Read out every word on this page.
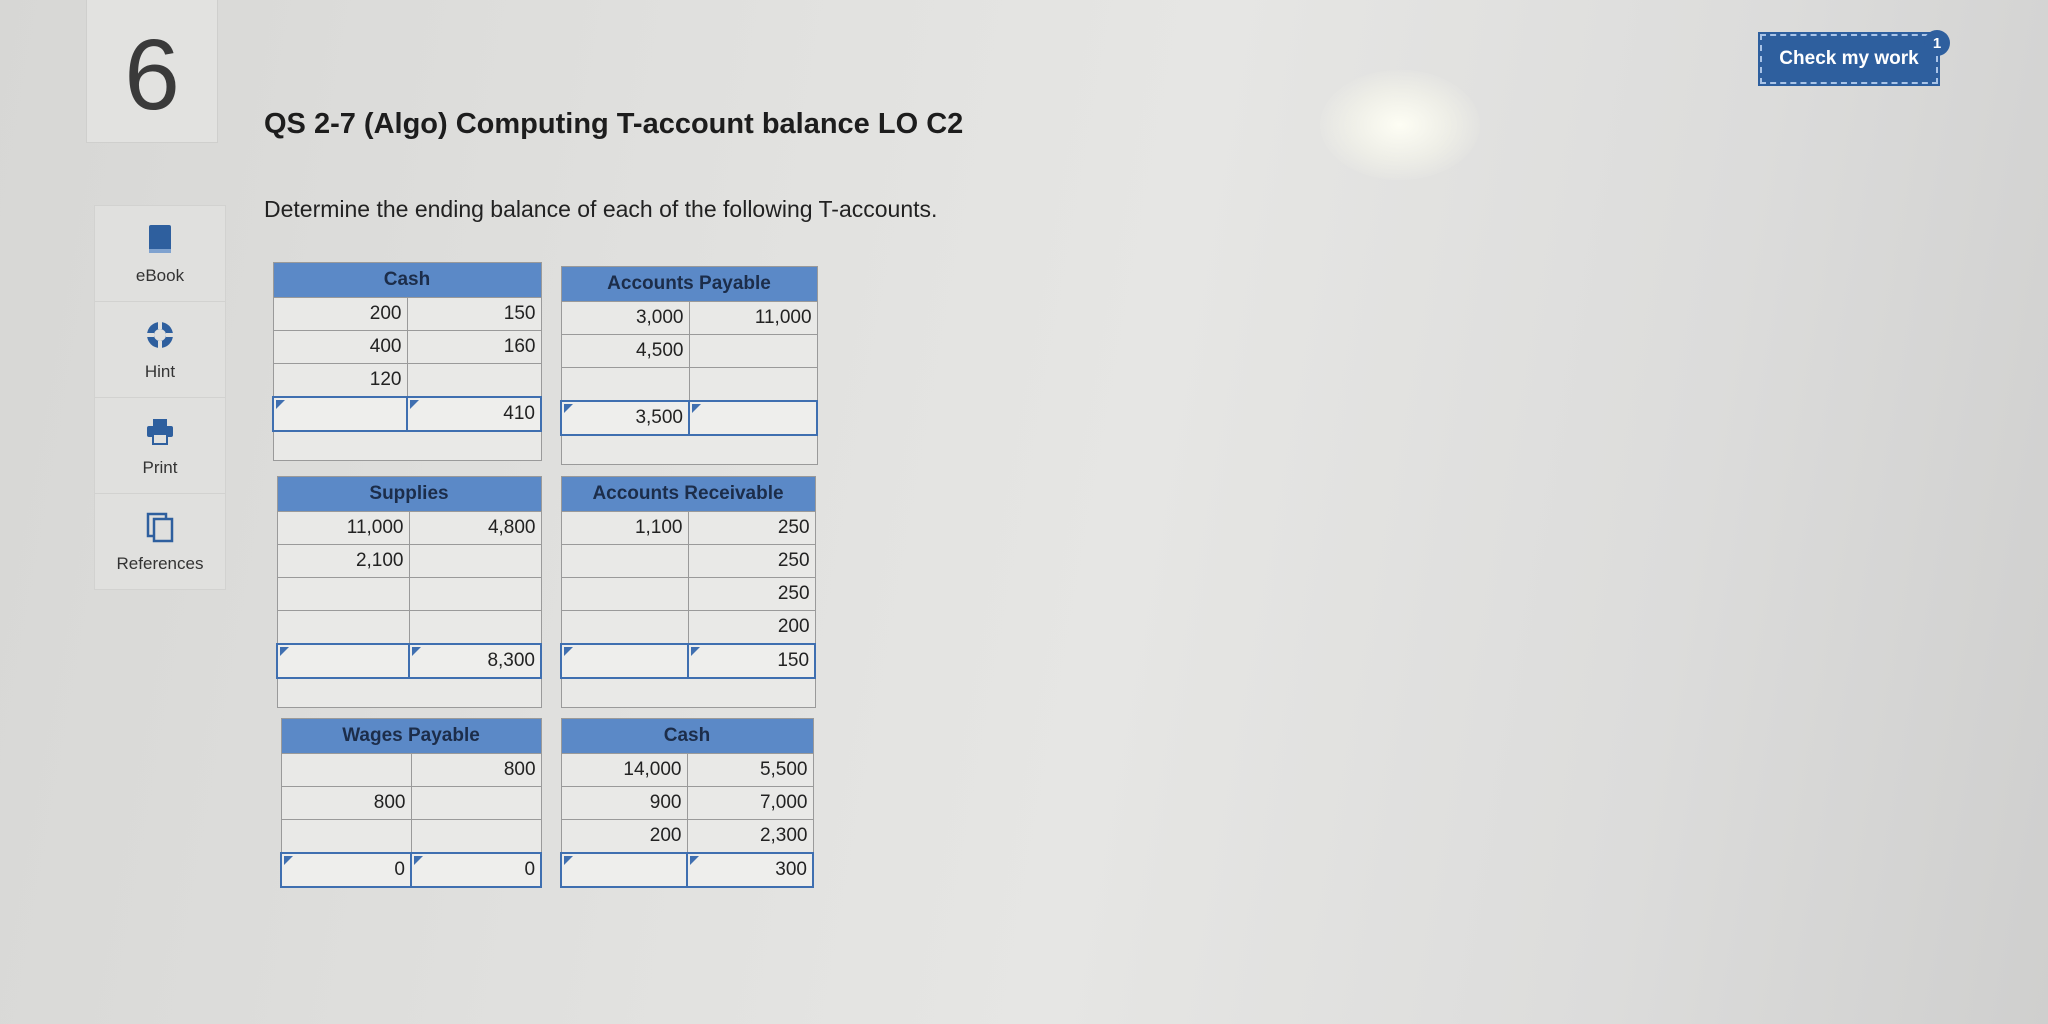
6	QS 2-7 (Algo) Computing T-account balance LO C2
Determine the ending balance of each of the following T-accounts.
Check my work
1
eBook
Hint
Print
References
Cash	
200	150
400	160
120	
	410

Accounts Payable	
3,000	11,000
4,500	

3,500	

Supplies	
11,000	4,800
2,100	

	8,300

Accounts Receivable	
1,100	250
	250
	250
	200
	150

Wages Payable	
	800
800	

0	0
Cash	
14,000	5,500
900	7,000
200	2,300
	300
